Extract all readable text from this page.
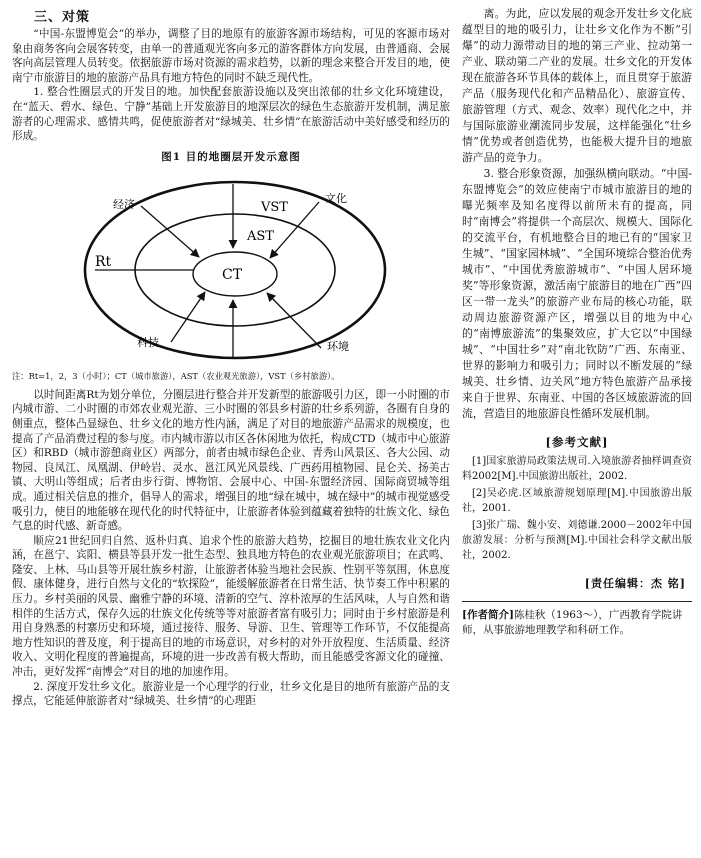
三、对策

“中国-东盟博览会”的举办，调整了目的地原有的旅游客源市场结构，可见的客源市场对象由商务客向会展客转变，由单一的普通观光客向多元的游客群体方向发展，由普通商、会展客向高层管理人员转变。依据旅游市场对资源的需求趋势，以新的理念来整合开发目的地，使南宁市旅游目的地的旅游产品具有地方特色的同时不缺乏现代性。

1. 整合性圈层式的开发目的地。加快配套旅游设施以及突出浓郁的壮乡文化环境建设，在“蓝天、碧水、绿色、宁静”基础上开发旅游目的地深层次的绿色生态旅游开发机制，满足旅游者的心理需求、感情共鸣，促使旅游者对“绿城美、壮乡情”在旅游活动中美好感受和经历的形成。

图1 目的地圈层开发示意图
经济	文化
科技	环境
Rt
VST
AST
CT
注：Rt=1，2，3（小时）；CT（城市旅游），AST（农业观光旅游），VST（乡村旅游）。

以时间距离Rt为划分单位，分圈层进行整合并开发新型的旅游吸引力区，即一小时圈的市内城市游、二小时圈的市郊农业观光游、三小时圈的邻县乡村游的壮乡系列游，各圈有自身的侧重点，整体凸显绿色、壮乡文化的地方性内涵，满足了对目的地旅游产品需求的规模度，也提高了产品消费过程的参与度。市内城市游以市区各休闲地为依托，构成CTD（城市中心旅游区）和RBD（城市游憩商业区）两部分，前者由城市绿色企业、青秀山风景区、各大公园、动物园、良凤江、凤凰湖、伊岭岩、灵水、邕江风光风景线、广西药用植物园、昆仑关、扬美古镇、大明山等组成；后者由步行街、博物馆、会展中心、中国-东盟经济园、国际商贸城等组成。通过相关信息的推介，倡导人的需求，增强目的地“绿在城中，城在绿中”的城市视觉感受吸引力，使目的地能够在现代化的时代特征中，让旅游者体验到蕴藏着独特的壮族文化、绿色气息的时代感、新奇感。

顺应21世纪回归自然、返朴归真、追求个性的旅游大趋势，挖掘目的地壮族农业文化内涵，在邕宁、宾阳、横县等县开发一批生态型、独具地方特色的农业观光旅游项目；在武鸣、隆安、上林、马山县等开展壮族乡村游，让旅游者体验当地社会民族、性别平等氛围，休息度假、康体健身，进行自然与文化的“软探险”，能缓解旅游者在日常生活、快节奏工作中积累的压力。乡村美丽的风景、幽雅宁静的环境、清新的空气、淳朴浓厚的生活风味，人与自然和谐相伴的生活方式，保存久远的壮族文化传统等等对旅游者富有吸引力；同时由于乡村旅游是利用自身熟悉的村寨历史和环境，通过接待、服务、导游、卫生、管理等工作环节，不仅能提高地方性知识的普及度，利于提高目的地的市场意识，对乡村的对外开放程度、生活质量、经济收入、文明化程度的普遍提高，环境的进一步改善有极大帮助，而且能感受客源文化的碰撞、冲击，更好发挥“南博会”对目的地的加速作用。

2. 深度开发壮乡文化。旅游业是一个心理学的行业，壮乡文化是目的地所有旅游产品的支撑点，它能延伸旅游者对“绿城美、壮乡情”的心理距

离。为此，应以发展的观念开发壮乡文化底蕴型目的地的吸引力，让壮乡文化作为不断“引爆”的动力源带动目的地的第三产业、拉动第一产业、联动第二产业的发展。壮乡文化的开发体现在旅游各环节具体的载体上，而且贯穿于旅游产品（服务现代化和产品精品化）、旅游宣传、旅游管理（方式、观念、效率）现代化之中，并与国际旅游业潮流同步发展，这样能强化“壮乡情”优势或者创造优势，也能极大提升目的地旅游产品的竞争力。

3. 整合形象资源，加强纵横向联动。“中国-东盟博览会”的效应使南宁市城市旅游目的地的曝光频率及知名度得以前所未有的提高，同时“南博会”将提供一个高层次、规模大、国际化的交流平台，有机地整合目的地已有的“国家卫生城”、“国家园林城”、“全国环境综合整治优秀城市”、“中国优秀旅游城市”、“中国人居环境奖”等形象资源，激活南宁旅游目的地在广西“四区一带一龙头”的旅游产业布局的核心功能，联动周边旅游资源产区，增强以目的地为中心的“南博旅游流”的集聚效应，扩大它以“中国绿城”、“中国壮乡”对“南北钦防”广西、东南亚、世界的影响力和吸引力；同时以不断发展的“绿城美、壮乡情、边关风”地方特色旅游产品承接来自于世界、东南亚、中国的各区域旅游流的回流，营造目的地旅游良性循环发展机制。

[参考文献]
[1]国家旅游局政策法规司.入境旅游者抽样调查资料2002[M].中国旅游出版社，2002.
[2]吴必虎.区域旅游规划原理[M].中国旅游出版社，2001.
[3]张广瑞、魏小安、刘德谦.2000－2002年中国旅游发展：分析与预测[M].中国社会科学文献出版社，2002.
[责任编辑：杰 铭]
[作者简介]陈桂秋（1963～），广西教育学院讲师，从事旅游地理教学和科研工作。
